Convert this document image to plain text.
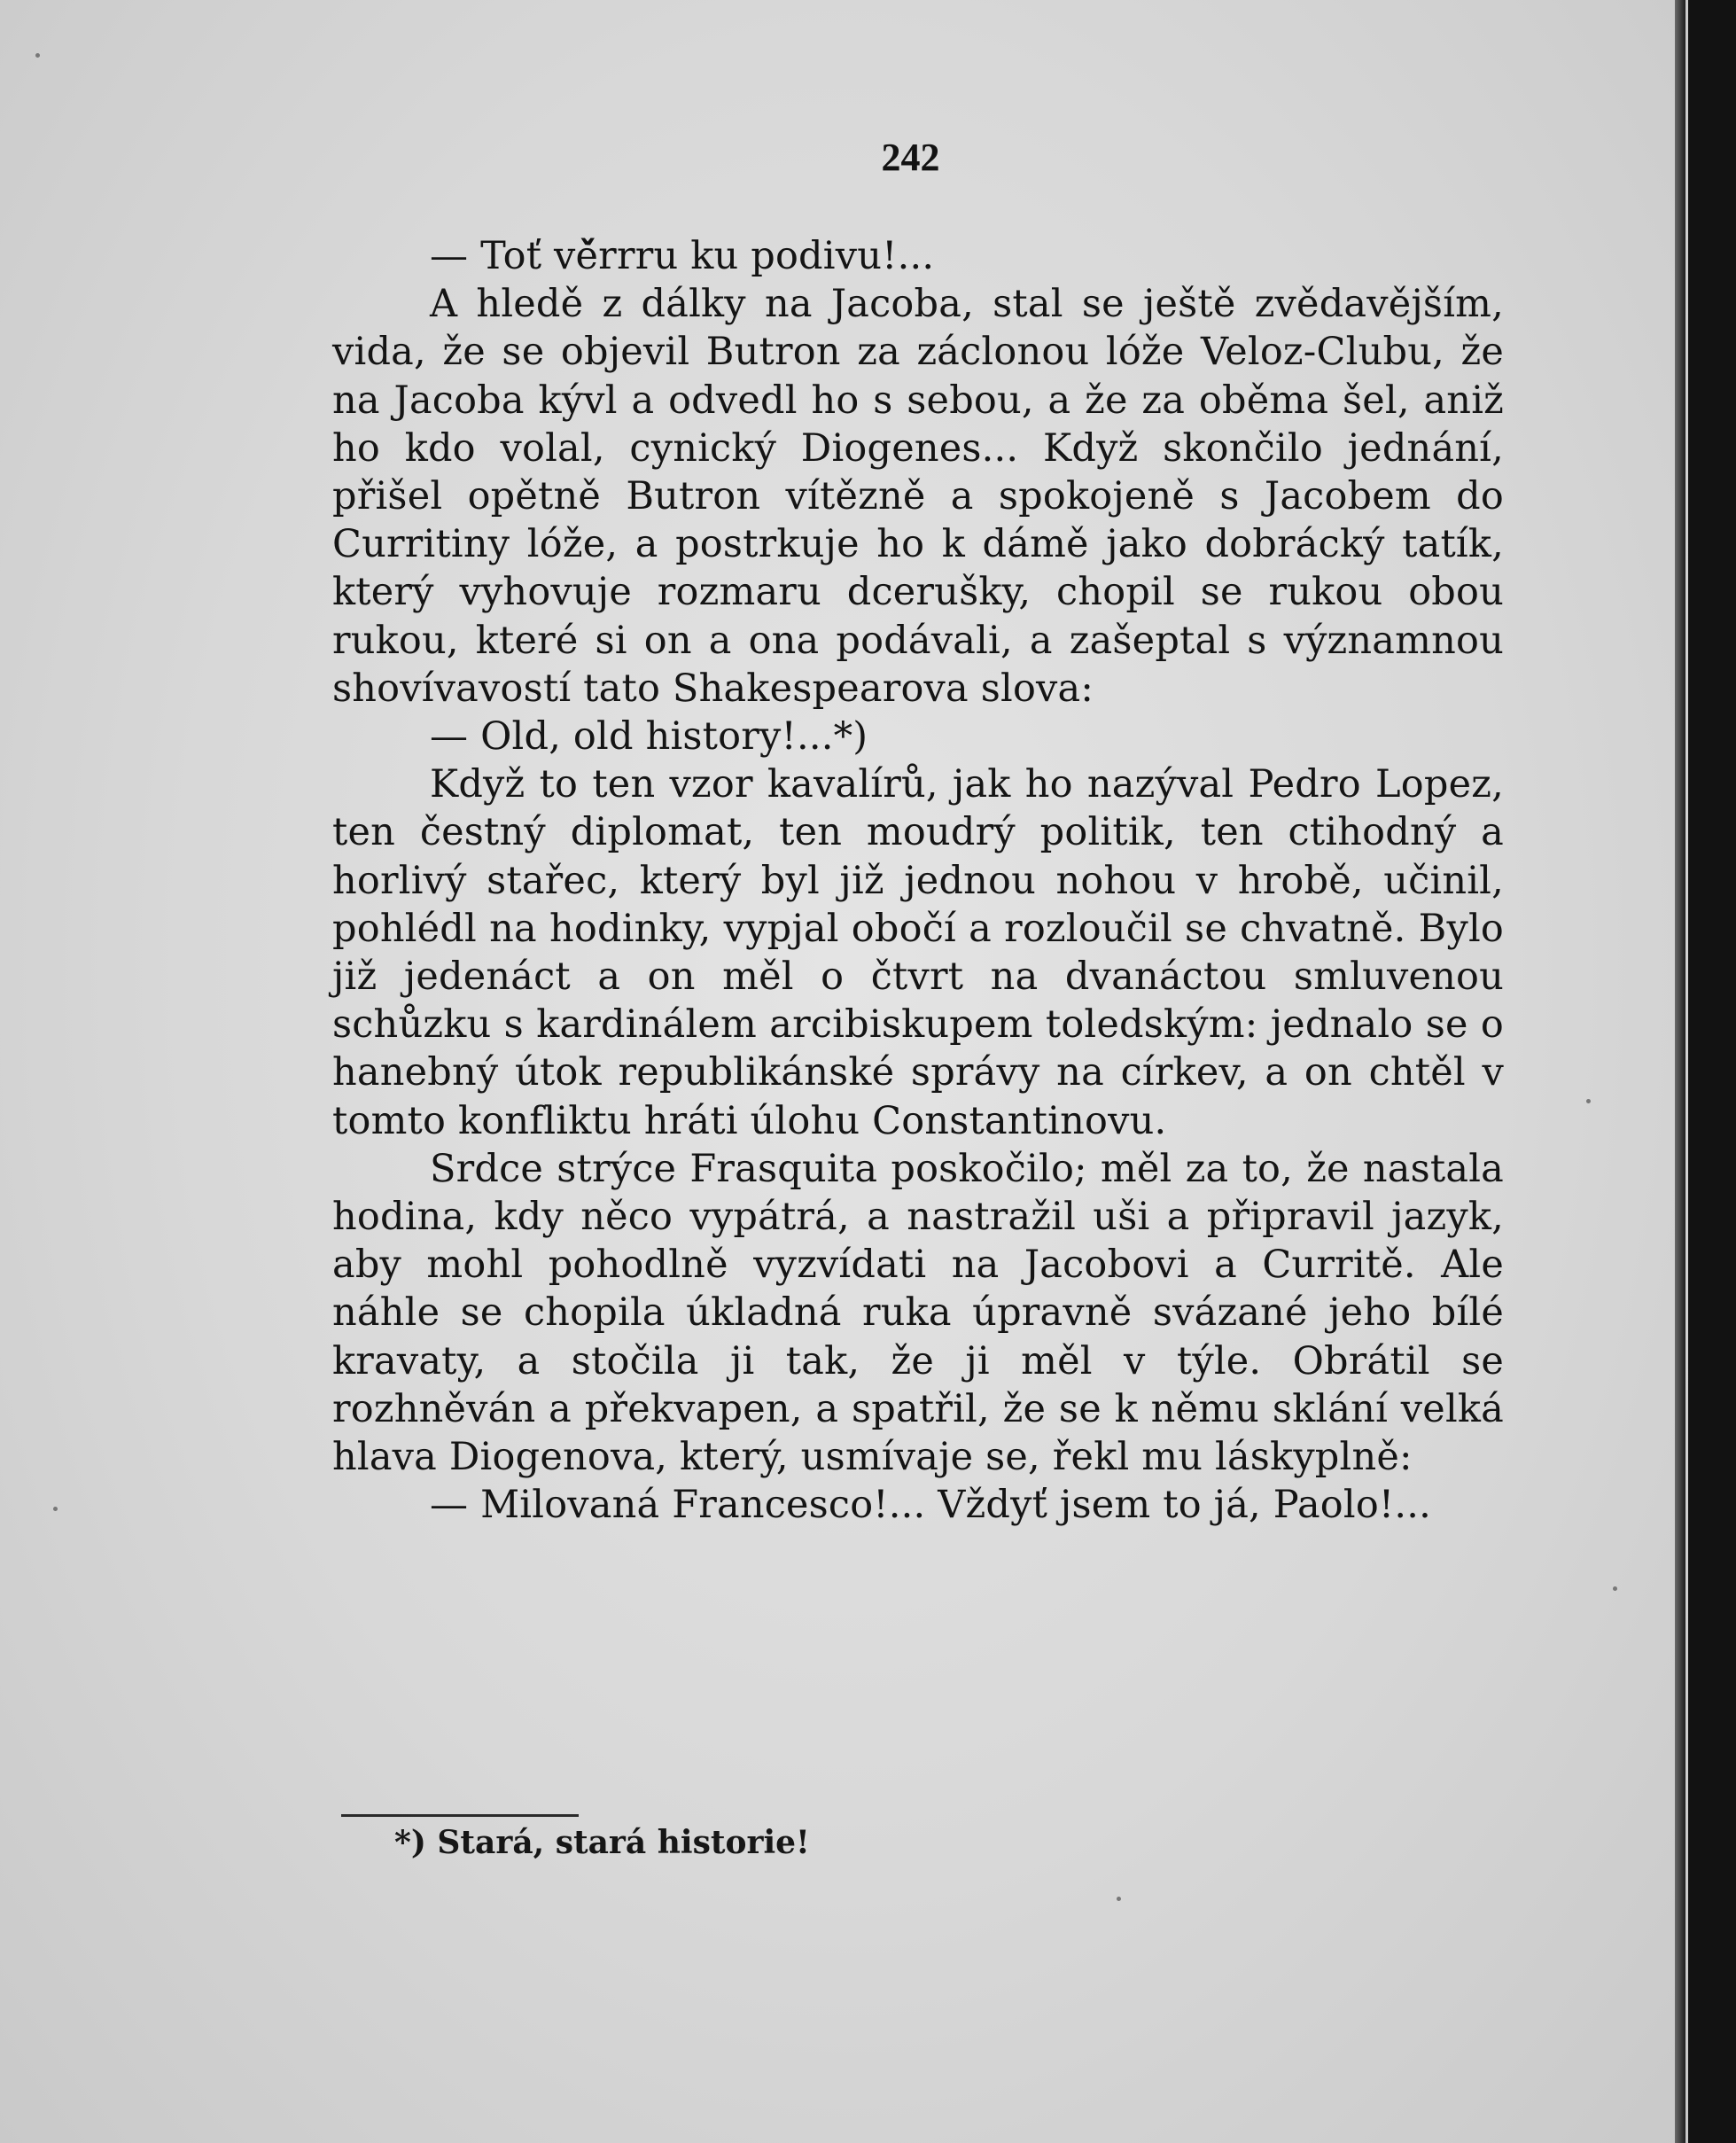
242

— Toť vě̌rrru ku podivu!...

A hledě z dálky na Jacoba, stal se ještě zvědavějším, vida, že se objevil Butron za záclonou lóže Veloz-Clubu, že na Jacoba kývl a odvedl ho s sebou, a že za oběma šel, aniž ho kdo volal, cynický Diogenes... Když skončilo jednání, přišel opětně Butron vítězně a spokojeně s Jacobem do Curritiny lóže, a postrkuje ho k dámě jako dobrácký tatík, který vyhovuje rozmaru dcerušky, chopil se rukou obou rukou, které si on a ona podávali, a zašeptal s významnou shovívavostí tato Shakespearova slova:

— Old, old history!...*)

Když to ten vzor kavalírů, jak ho nazýval Pedro Lopez, ten čestný diplomat, ten moudrý politik, ten ctihodný a horlivý stařec, který byl již jednou nohou v hrobě, učinil, pohlédl na hodinky, vypjal obočí a rozloučil se chvatně. Bylo již jedenáct a on měl o čtvrt na dvanáctou smluvenou schůzku s kardinálem arcibiskupem toledským: jednalo se o hanebný útok republikánské správy na církev, a on chtěl v tomto konfliktu hráti úlohu Constantinovu.

Srdce strýce Frasquita poskočilo; měl za to, že nastala hodina, kdy něco vypátrá, a nastražil uši a připravil jazyk, aby mohl pohodlně vyzvídati na Jacobovi a Curritě. Ale náhle se chopila úkladná ruka úpravně svázané jeho bílé kravaty, a stočila ji tak, že ji měl v týle. Obrátil se rozhněván a překvapen, a spatřil, že se k němu sklání velká hlava Diogenova, který, usmívaje se, řekl mu láskyplně:

— Milovaná Francesco!... Vždyť jsem to já, Paolo!...

*) Stará, stará historie!
